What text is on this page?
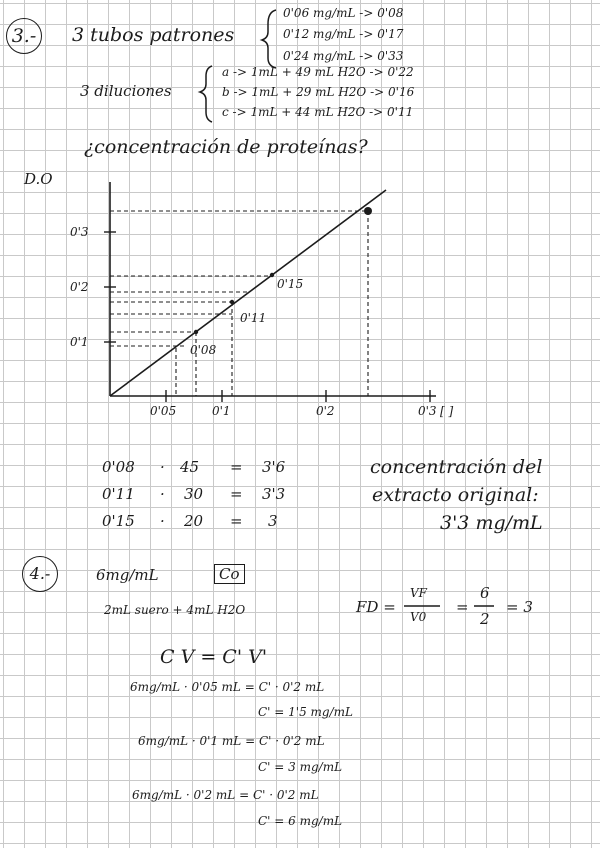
3.-	3 tubos patrones
0'06 mg/mL -> 0'08
0'12 mg/mL -> 0'17
0'24 mg/mL -> 0'33
3 diluciones
a -> 1mL + 49 mL H2O -> 0'22
b -> 1mL + 29 mL H2O -> 0'16
c -> 1mL + 44 mL H2O -> 0'11
¿concentración de proteínas?
D.O
0'3
0'2
0'1
0'05	0'1	0'2	0'3 [ ]
0'08
0'11
0'15
0'08 · 45 = 3'6
0'11 · 30 = 3'3
0'15 · 20 = 3
concentración del
extracto original:
3'3 mg/mL
4.-	6mg/mL	Co
2mL suero + 4mL H2O	FD =
VF
V0
=
6
2
= 3
C V = C' V'
6mg/mL · 0'05 mL = C' · 0'2 mL
C' = 1'5 mg/mL
6mg/mL · 0'1 mL = C' · 0'2 mL
C' = 3 mg/mL
6mg/mL · 0'2 mL = C' · 0'2 mL
C' = 6 mg/mL
